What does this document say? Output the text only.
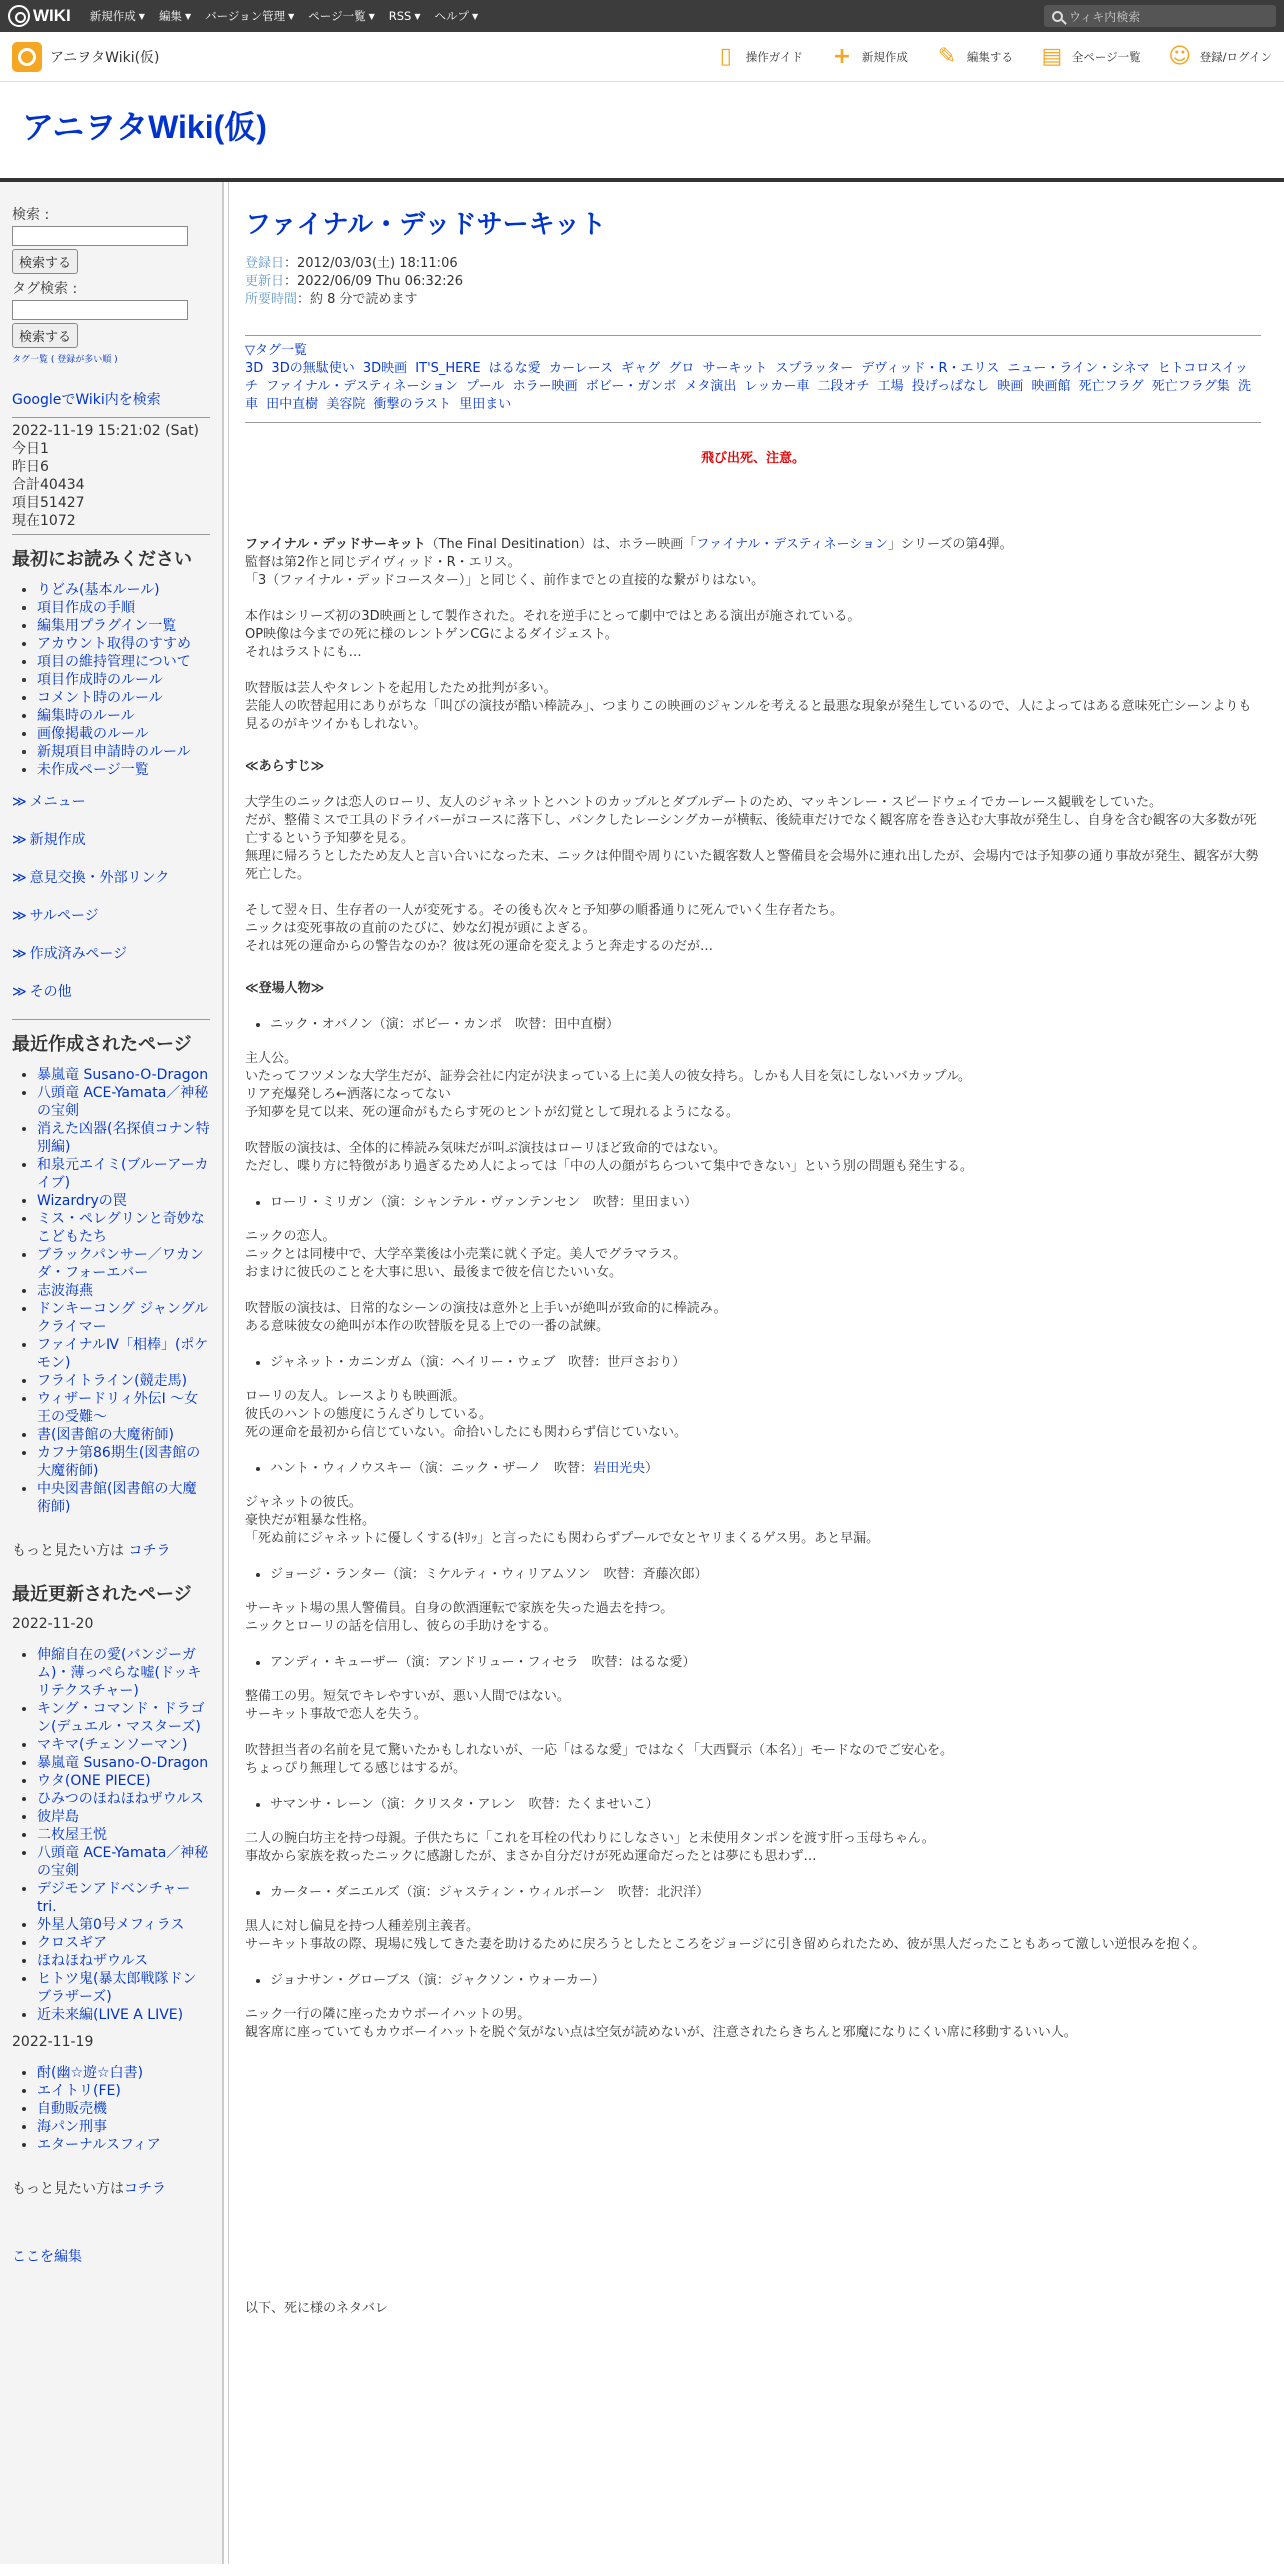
WIKI 新規作成 ▼ 編集 ▼ バージョン管理 ▼ ページ一覧 ▼ RSS ▼ ヘルプ ▼	ウィキ内検索
アニヲタWiki(仮)	▯	操作ガイド + 新規作成 ✎ 編集する ▤ 全ページ一覧 ☺ 登録/ログイン
アニヲタWiki(仮)
検索 :
検索する
タグ検索 :
検索する
タグ一覧 ( 登録が多い順 )
GoogleでWiki内を検索
2022-11-19 15:21:02 (Sat)
今日1
昨日6
合計40434
項目51427
現在1072
最初にお読みください
• りどみ(基本ルール)
• 項目作成の手順
• 編集用プラグイン一覧
• アカウント取得のすすめ
• 項目の維持管理について
• 項目作成時のルール
• コメント時のルール
• 編集時のルール
• 画像掲載のルール
• 新規項目申請時のルール
• 未作成ページ一覧
≫ メニュー
≫ 新規作成
≫ 意見交換・外部リンク
≫ サルページ
≫ 作成済みページ
≫ その他
最近作成されたページ
• 暴嵐竜 Susano-O-Dragon
• 八頭竜 ACE-Yamata／神秘の宝剣
• 消えた凶器(名探偵コナン特別編)
• 和泉元エイミ(ブルーアーカイブ)
• Wizardryの罠
• ミス・ペレグリンと奇妙なこどもたち
• ブラックパンサー／ワカンダ・フォーエバー
• 志波海燕
• ドンキーコング ジャングルクライマー
• ファイナルⅣ「相棒」(ポケモン)
• フライトライン(競走馬)
• ウィザードリィ外伝I ～女王の受難～
• 書(図書館の大魔術師)
• カフナ第86期生(図書館の大魔術師)
• 中央図書館(図書館の大魔術師)
もっと見たい方は コチラ
最近更新されたページ
2022-11-20
• 伸縮自在の愛(バンジーガム)・薄っぺらな嘘(ドッキリテクスチャー)
• キング・コマンド・ドラゴン(デュエル・マスターズ)
• マキマ(チェンソーマン)
• 暴嵐竜 Susano-O-Dragon
• ウタ(ONE PIECE)
• ひみつのほねほねザウルス
• 彼岸島
• 二枚屋王悦
• 八頭竜 ACE-Yamata／神秘の宝剣
• デジモンアドベンチャー tri.
• 外星人第0号メフィラス
• クロスギア
• ほねほねザウルス
• ヒトツ鬼(暴太郎戦隊ドンブラザーズ)
• 近未来編(LIVE A LIVE)
2022-11-19
• 酎(幽☆遊☆白書)
• エイトリ(FE)
• 自動販売機
• 海パン刑事
• エターナルスフィア
もっと見たい方はコチラ
ここを編集
ファイナル・デッドサーキット
登録日：2012/03/03(土) 18:11:06
更新日：2022/06/09 Thu 06:32:26
所要時間：約 8 分で読めます
▽タグ一覧
3D 3Dの無駄使い 3D映画 IT'S_HERE はるな愛 カーレース ギャグ グロ サーキット スプラッター デヴィッド・R・エリス ニュー・ライン・シネマ ヒトコロスイッチ ファイナル・デスティネーション プール ホラー映画 ボビー・ガンボ メタ演出 レッカー車 二段オチ 工場 投げっぱなし 映画 映画館 死亡フラグ 死亡フラグ集 洗車 田中直樹 美容院 衝撃のラスト 里田まい
飛び出死、注意。

ファイナル・デッドサーキット（The Final Desitination）は、ホラー映画「ファイナル・デスティネーション」シリーズの第4弾。
監督は第2作と同じデイヴィッド・R・エリス。
「3（ファイナル・デッドコースター）」と同じく、前作までとの直接的な繋がりはない。

本作はシリーズ初の3D映画として製作された。それを逆手にとって劇中ではとある演出が施されている。
OP映像は今までの死に様のレントゲンCGによるダイジェスト。
それはラストにも…

吹替版は芸人やタレントを起用したため批判が多い。
芸能人の吹替起用にありがちな「叫びの演技が酷い棒読み」、つまりこの映画のジャンルを考えると最悪な現象が発生しているので、人によってはある意味死亡シーンよりも見るのがキツイかもしれない。

≪あらすじ≫

大学生のニックは恋人のローリ、友人のジャネットとハントのカップルとダブルデートのため、マッキンレー・スピードウェイでカーレース観戦をしていた。
だが、整備ミスで工具のドライバーがコースに落下し、パンクしたレーシングカーが横転、後続車だけでなく観客席を巻き込む大事故が発生し、自身を含む観客の大多数が死亡するという予知夢を見る。
無理に帰ろうとしたため友人と言い合いになった末、ニックは仲間や周りにいた観客数人と警備員を会場外に連れ出したが、会場内では予知夢の通り事故が発生、観客が大勢死亡した。

そして翌々日、生存者の一人が変死する。その後も次々と予知夢の順番通りに死んでいく生存者たち。
ニックは変死事故の直前のたびに、妙な幻視が頭によぎる。
それは死の運命からの警告なのか？彼は死の運命を変えようと奔走するのだが…

≪登場人物≫
• ニック・オバノン（演：ボビー・カンポ　吹替：田中直樹）

主人公。
いたってフツメンな大学生だが、証券会社に内定が決まっている上に美人の彼女持ち。しかも人目を気にしないバカップル。
リア充爆発しろ←洒落になってない
予知夢を見て以来、死の運命がもたらす死のヒントが幻覚として現れるようになる。

吹替版の演技は、全体的に棒読み気味だが叫ぶ演技はローリほど致命的ではない。
ただし、喋り方に特徴があり過ぎるため人によっては「中の人の顔がちらついて集中できない」という別の問題も発生する。

• ローリ・ミリガン（演：シャンテル・ヴァンテンセン　吹替：里田まい）

ニックの恋人。
ニックとは同棲中で、大学卒業後は小売業に就く予定。美人でグラマラス。
おまけに彼氏のことを大事に思い、最後まで彼を信じたいい女。

吹替版の演技は、日常的なシーンの演技は意外と上手いが絶叫が致命的に棒読み。
ある意味彼女の絶叫が本作の吹替版を見る上での一番の試練。

• ジャネット・カニンガム（演：ヘイリー・ウェブ　吹替：世戸さおり）

ローリの友人。レースよりも映画派。
彼氏のハントの態度にうんざりしている。
死の運命を最初から信じていない。命拾いしたにも関わらず信じていない。

• ハント・ウィノウスキー（演：ニック・ザーノ　吹替：岩田光央）

ジャネットの彼氏。
豪快だが粗暴な性格。
「死ぬ前にジャネットに優しくする(ｷﾘｯ」と言ったにも関わらずプールで女とヤリまくるゲス男。あと早漏。

• ジョージ・ランター（演：ミケルティ・ウィリアムソン　吹替：斉藤次郎）

サーキット場の黒人警備員。自身の飲酒運転で家族を失った過去を持つ。
ニックとローリの話を信用し、彼らの手助けをする。

• アンディ・キューザー（演：アンドリュー・フィセラ　吹替：はるな愛）

整備工の男。短気でキレやすいが、悪い人間ではない。
サーキット事故で恋人を失う。

吹替担当者の名前を見て驚いたかもしれないが、一応「はるな愛」ではなく「大西賢示（本名）」モードなのでご安心を。
ちょっぴり無理してる感じはするが。

• サマンサ・レーン（演：クリスタ・アレン　吹替：たくませいこ）

二人の腕白坊主を持つ母親。子供たちに「これを耳栓の代わりにしなさい」と未使用タンポンを渡す肝っ玉母ちゃん。
事故から家族を救ったニックに感謝したが、まさか自分だけが死ぬ運命だったとは夢にも思わず…

• カーター・ダニエルズ（演：ジャスティン・ウィルボーン　吹替：北沢洋）

黒人に対し偏見を持つ人種差別主義者。
サーキット事故の際、現場に残してきた妻を助けるために戻ろうとしたところをジョージに引き留められたため、彼が黒人だったこともあって激しい逆恨みを抱く。

• ジョナサン・グローブス（演：ジャクソン・ウォーカー）

ニック一行の隣に座ったカウボーイハットの男。
観客席に座っていてもカウボーイハットを脱ぐ気がない点は空気が読めないが、注意されたらきちんと邪魔になりにくい席に移動するいい人。

以下、死に様のネタバレ
